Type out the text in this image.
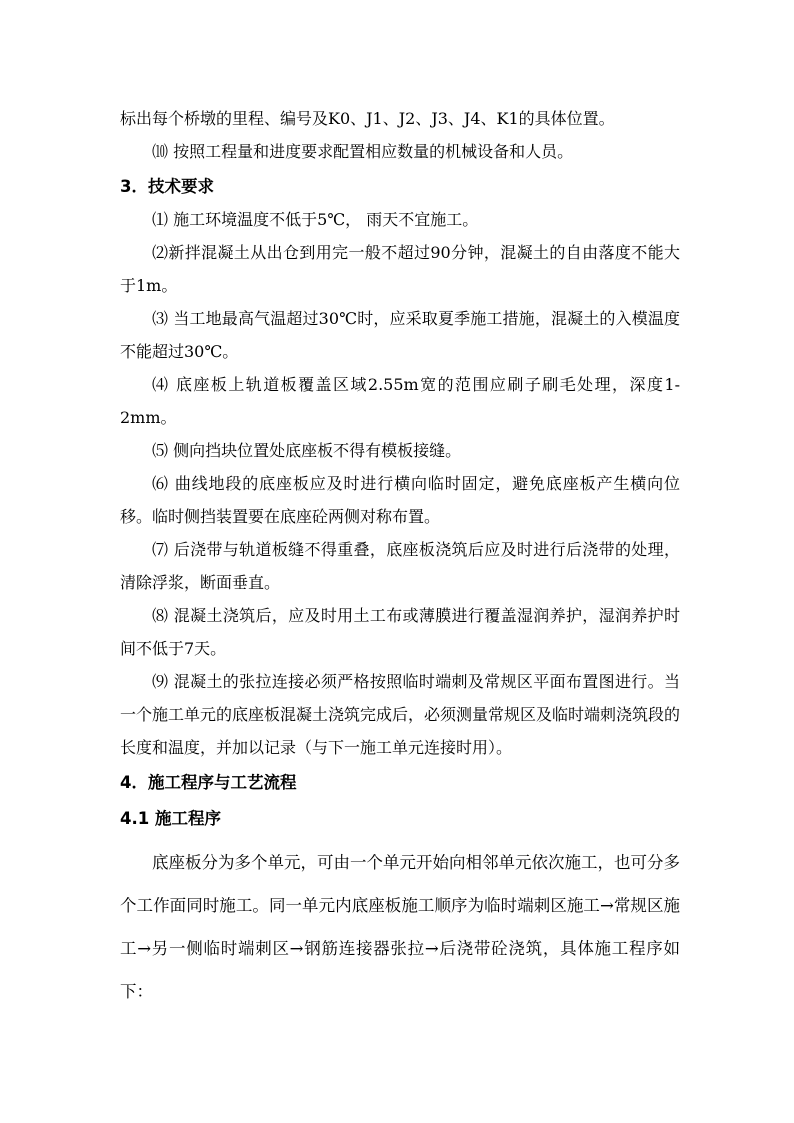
标出每个桥墩的里程、编号及K0、J1、J2、J3、J4、K1的具体位置。

⑽ 按照工程量和进度要求配置相应数量的机械设备和人员。

3．技术要求

⑴ 施工环境温度不低于5℃， 雨天不宜施工。

⑵新拌混凝土从出仓到用完一般不超过90分钟，混凝土的自由落度不能大于1m。

⑶ 当工地最高气温超过30℃时，应采取夏季施工措施，混凝土的入模温度不能超过30℃。

⑷ 底座板上轨道板覆盖区域2.55m宽的范围应刷子刷毛处理，深度1-2mm。

⑸ 侧向挡块位置处底座板不得有模板接缝。

⑹ 曲线地段的底座板应及时进行横向临时固定，避免底座板产生横向位移。临时侧挡装置要在底座砼两侧对称布置。

⑺ 后浇带与轨道板缝不得重叠，底座板浇筑后应及时进行后浇带的处理，清除浮浆，断面垂直。

⑻ 混凝土浇筑后，应及时用土工布或薄膜进行覆盖湿润养护，湿润养护时间不低于7天。

⑼ 混凝土的张拉连接必须严格按照临时端刺及常规区平面布置图进行。当一个施工单元的底座板混凝土浇筑完成后，必须测量常规区及临时端刺浇筑段的长度和温度，并加以记录（与下一施工单元连接时用）。

4．施工程序与工艺流程
4.1 施工程序

底座板分为多个单元，可由一个单元开始向相邻单元依次施工，也可分多个工作面同时施工。同一单元内底座板施工顺序为临时端刺区施工→常规区施工→另一侧临时端刺区→钢筋连接器张拉→后浇带砼浇筑，具体施工程序如下：
